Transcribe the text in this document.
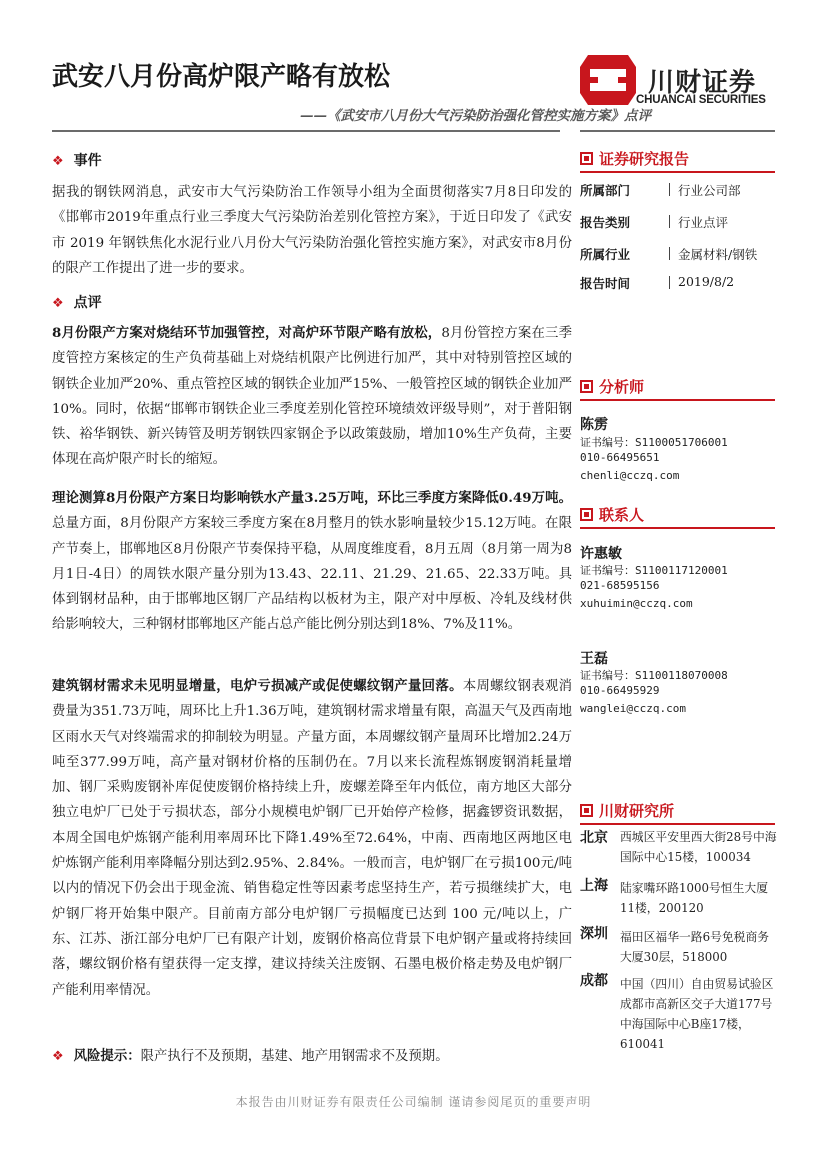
武安八月份高炉限产略有放松
——《武安市八月份大气污染防治强化管控实施方案》点评
川财证券
CHUANCAI SECURITIES
❖ 事件

据我的钢铁网消息，武安市大气污染防治工作领导小组为全面贯彻落实7月8日印发的《邯郸市2019年重点行业三季度大气污染防治差别化管控方案》，于近日印发了《武安市 2019 年钢铁焦化水泥行业八月份大气污染防治强化管控实施方案》，对武安市8月份的限产工作提出了进一步的要求。

❖ 点评

8月份限产方案对烧结环节加强管控，对高炉环节限产略有放松，8月份管控方案在三季度管控方案核定的生产负荷基础上对烧结机限产比例进行加严，其中对特别管控区域的钢铁企业加严20%、重点管控区域的钢铁企业加严15%、一般管控区域的钢铁企业加严10%。同时，依据“邯郸市钢铁企业三季度差别化管控环境绩效评级导则”，对于普阳钢铁、裕华钢铁、新兴铸管及明芳钢铁四家钢企予以政策鼓励，增加10%生产负荷，主要体现在高炉限产时长的缩短。

理论测算8月份限产方案日均影响铁水产量3.25万吨，环比三季度方案降低0.49万吨。总量方面，8月份限产方案较三季度方案在8月整月的铁水影响量较少15.12万吨。在限产节奏上，邯郸地区8月份限产节奏保持平稳，从周度维度看，8月五周（8月第一周为8月1日-4日）的周铁水限产量分别为13.43、22.11、21.29、21.65、22.33万吨。具体到钢材品种，由于邯郸地区钢厂产品结构以板材为主，限产对中厚板、冷轧及线材供给影响较大，三种钢材邯郸地区产能占总产能比例分别达到18%、7%及11%。

建筑钢材需求未见明显增量，电炉亏损减产或促使螺纹钢产量回落。本周螺纹钢表观消费量为351.73万吨，周环比上升1.36万吨，建筑钢材需求增量有限，高温天气及西南地区雨水天气对终端需求的抑制较为明显。产量方面，本周螺纹钢产量周环比增加2.24万吨至377.99万吨，高产量对钢材价格的压制仍在。7月以来长流程炼钢废钢消耗量增加、钢厂采购废钢补库促使废钢价格持续上升，废螺差降至年内低位，南方地区大部分独立电炉厂已处于亏损状态，部分小规模电炉钢厂已开始停产检修，据鑫锣资讯数据，本周全国电炉炼钢产能利用率周环比下降1.49%至72.64%，中南、西南地区两地区电炉炼钢产能利用率降幅分别达到2.95%、2.84%。一般而言，电炉钢厂在亏损100元/吨以内的情况下仍会出于现金流、销售稳定性等因素考虑坚持生产，若亏损继续扩大，电炉钢厂将开始集中限产。目前南方部分电炉钢厂亏损幅度已达到 100 元/吨以上，广东、江苏、浙江部分电炉厂已有限产计划，废钢价格高位背景下电炉钢产量或将持续回落，螺纹钢价格有望获得一定支撑，建议持续关注废钢、石墨电极价格走势及电炉钢厂产能利用率情况。

❖ 风险提示：限产执行不及预期，基建、地产用钢需求不及预期。
证券研究报告
所属部门	行业公司部
报告类别	行业点评
所属行业	金属材料/钢铁
报告时间	2019/8/2
分析师
陈雳
证书编号：S1100051706001
010-66495651
chenli@cczq.com
联系人
许惠敏
证书编号：S1100117120001
021-68595156
xuhuimin@cczq.com
王磊
证书编号：S1100118070008
010-66495929
wanglei@cczq.com
川财研究所
北京 西城区平安里西大街28号中海国际中心15楼，100034

上海 陆家嘴环路1000号恒生大厦11楼，200120

深圳 福田区福华一路6号免税商务大厦30层，518000

成都 中国（四川）自由贸易试验区成都市高新区交子大道177号中海国际中心B座17楼，610041

本报告由川财证券有限责任公司编制 谨请参阅尾页的重要声明
